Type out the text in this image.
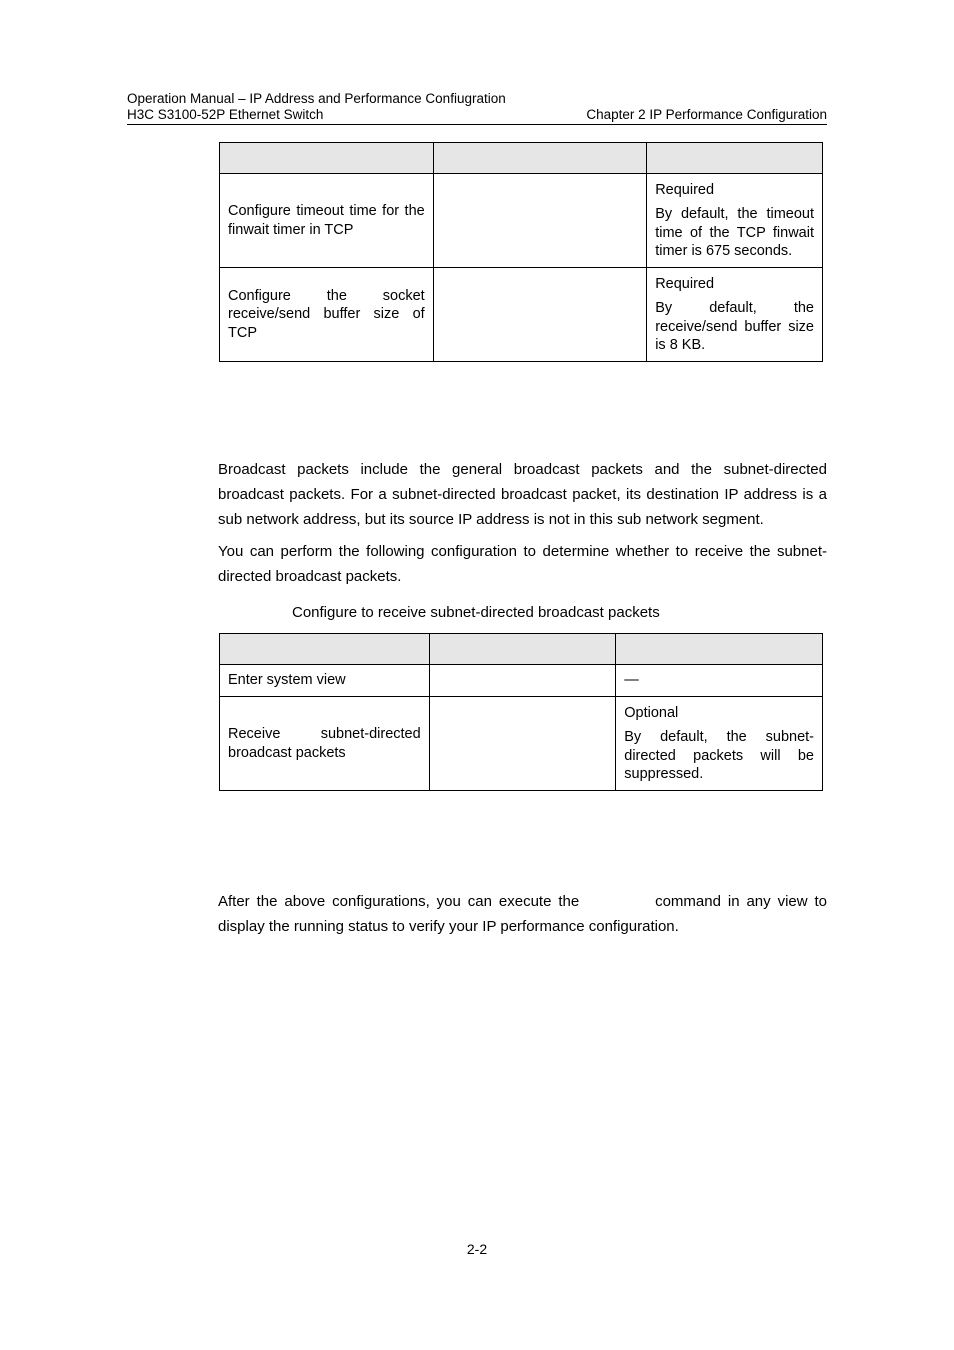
Operation Manual – IP Address and Performance Confiugration
H3C S3100-52P Ethernet Switch	Chapter 2 IP Performance Configuration

Configure timeout time for the finwait timer in TCP		Required

By default, the timeout time of the TCP finwait timer is 675 seconds.

Configure the socket receive/send buffer size of TCP		Required

By default, the receive/send buffer size is 8 KB.

Broadcast packets include the general broadcast packets and the subnet-directed broadcast packets. For a subnet-directed broadcast packet, its destination IP address is a sub network address, but its source IP address is not in this sub network segment.

You can perform the following configuration to determine whether to receive the subnet-directed broadcast packets.

Configure to receive subnet-directed broadcast packets

Enter system view		—
Receive subnet-directed broadcast packets		Optional

By default, the subnet-directed packets will be suppressed.

After the above configurations, you can execute the	command in any view to display the running status to verify your IP performance configuration.

2-2
